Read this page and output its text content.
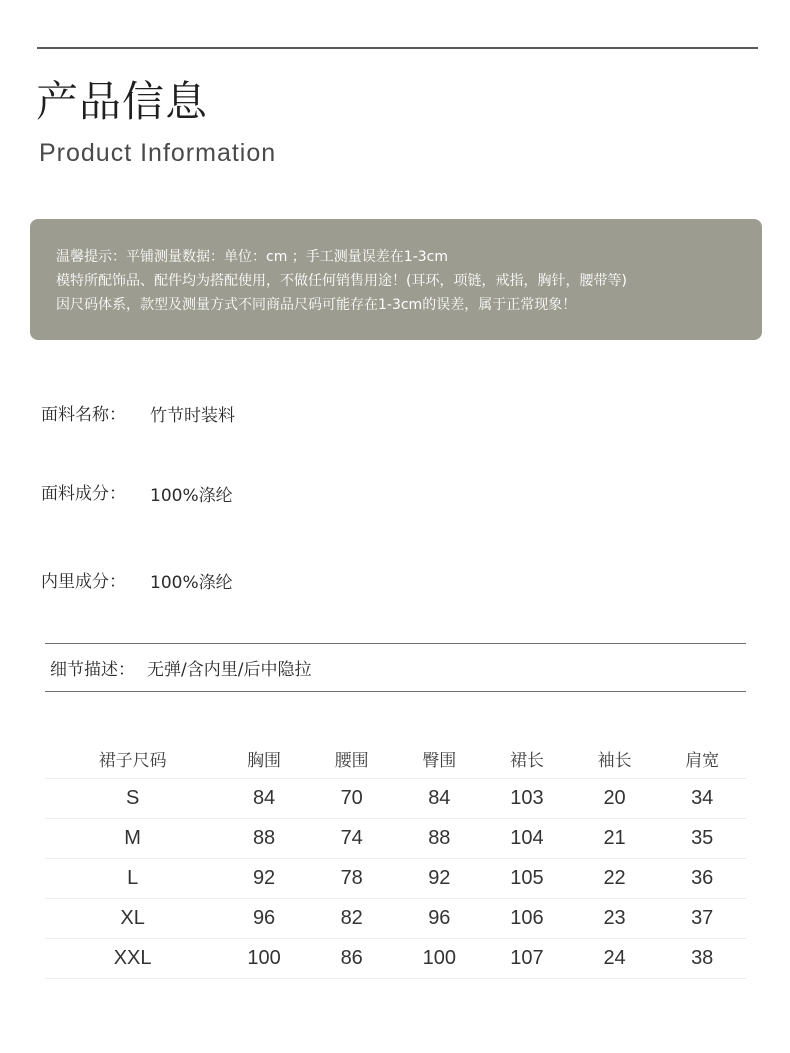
产品信息
Product Information
温馨提示：平铺测量数据：单位：cm ；手工测量误差在1-3cm
模特所配饰品、配件均为搭配使用，不做任何销售用途！(耳环，项链，戒指，胸针，腰带等)
因尺码体系，款型及测量方式不同商品尺码可能存在1-3cm的误差，属于正常现象！
面料名称： 竹节时装料
面料成分： 100%涤纶
内里成分： 100%涤纶
细节描述： 无弹/含内里/后中隐拉
裙子尺码	胸围	腰围	臀围	裙长	袖长	肩宽
S	84	70	84	103	20	34
M	88	74	88	104	21	35
L	92	78	92	105	22	36
XL	96	82	96	106	23	37
XXL	100	86	100	107	24	38
